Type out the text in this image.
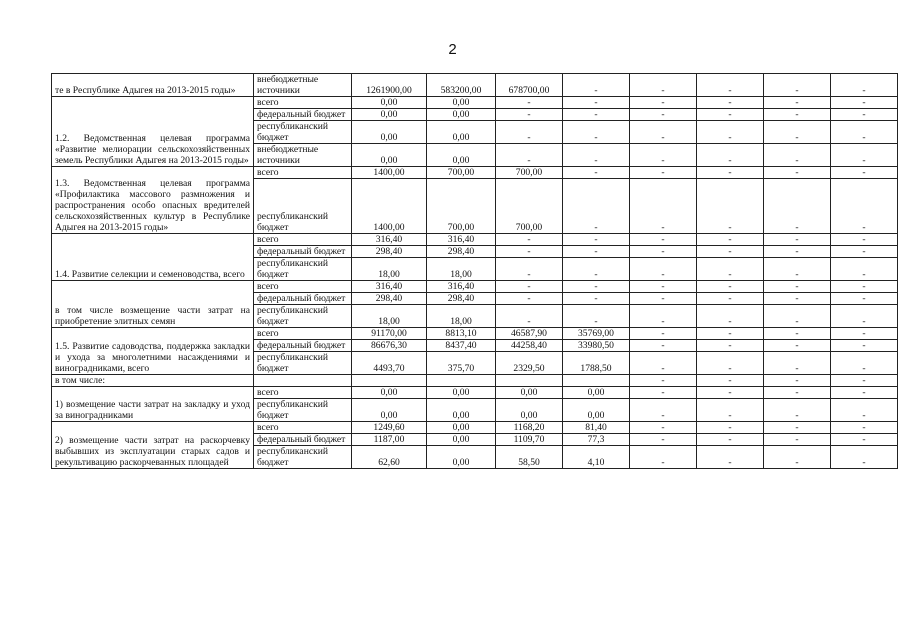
2
те в Республике Адыгея на 2013-2015 годы»	внебюджетные источники	1261900,00	583200,00	678700,00	-	-	-	-	-
1.2. Ведомственная целевая программа «Развитие мелиорации сельскохозяйственных земель Республики Адыгея на 2013-2015 годы»	всего	0,00	0,00	-	-	-	-	-	-
	федеральный бюджет	0,00	0,00	-	-	-	-	-	-
	республиканский бюджет	0,00	0,00	-	-	-	-	-	-
	внебюджетные источники	0,00	0,00	-	-	-	-	-	-
1.3. Ведомственная целевая программа «Профилактика массового размножения и распространения особо опасных вредителей сельскохозяйственных культур в Республике Адыгея на 2013-2015 годы»	всего	1400,00	700,00	700,00	-	-	-	-	-
	республиканский бюджет	1400,00	700,00	700,00	-	-	-	-	-
1.4. Развитие селекции и семеноводства, всего	всего	316,40	316,40	-	-	-	-	-	-
	федеральный бюджет	298,40	298,40	-	-	-	-	-	-
	республиканский бюджет	18,00	18,00	-	-	-	-	-	-
в том числе возмещение части затрат на приобретение элитных семян	всего	316,40	316,40	-	-	-	-	-	-
	федеральный бюджет	298,40	298,40	-	-	-	-	-	-
	республиканский бюджет	18,00	18,00	-	-	-	-	-	-
1.5. Развитие садоводства, поддержка закладки и ухода за многолетними насаждениями и виноградниками, всего	всего	91170,00	8813,10	46587,90	35769,00	-	-	-	-
	федеральный бюджет	86676,30	8437,40	44258,40	33980,50	-	-	-	-
	республиканский бюджет	4493,70	375,70	2329,50	1788,50	-	-	-	-
в том числе:						-	-	-	-
1) возмещение части затрат на закладку и уход за виноградниками	всего	0,00	0,00	0,00	0,00	-	-	-	-
	республиканский бюджет	0,00	0,00	0,00	0,00	-	-	-	-
2) возмещение части затрат на раскорчевку выбывших из эксплуатации старых садов и рекультивацию раскорчеванных площадей	всего	1249,60	0,00	1168,20	81,40	-	-	-	-
	федеральный бюджет	1187,00	0,00	1109,70	77,3	-	-	-	-
	республиканский бюджет	62,60	0,00	58,50	4,10	-	-	-	-
